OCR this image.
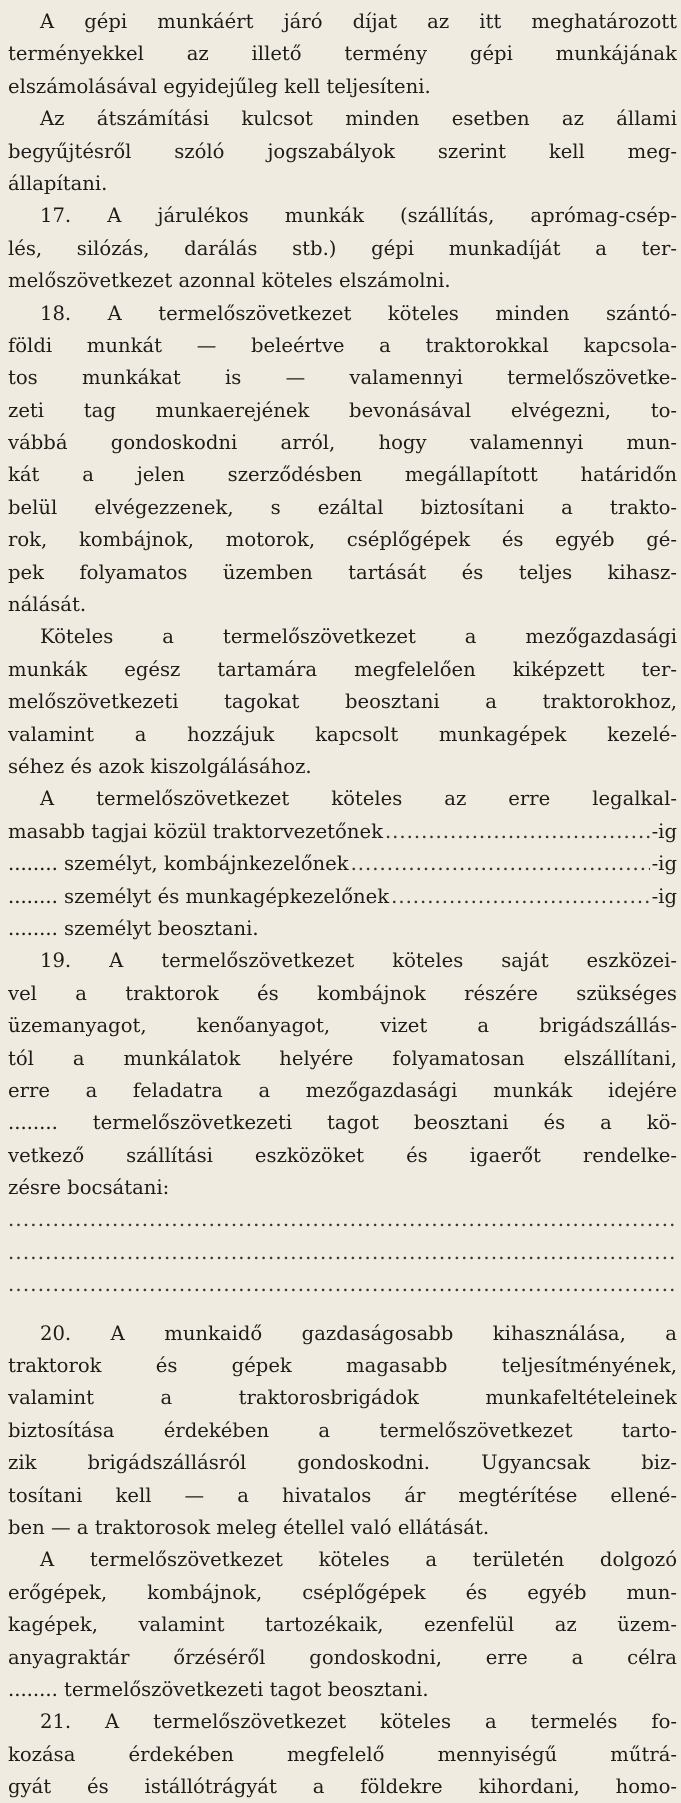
A gépi munkáért járó díjat az itt meghatározott
terményekkel az illető termény gépi munkájának
elszámolásával egyidejűleg kell teljesíteni.
Az átszámítási kulcsot minden esetben az állami
begyűjtésről szóló jogszabályok szerint kell meg-
állapítani.
17. A járulékos munkák (szállítás, aprómag-csép-
lés, silózás, darálás stb.) gépi munkadíját a ter-
melőszövetkezet azonnal köteles elszámolni.
18. A termelőszövetkezet köteles minden szántó-
földi munkát — beleértve a traktorokkal kapcsola-
tos munkákat is — valamennyi termelőszövetke-
zeti tag munkaerejének bevonásával elvégezni, to-
vábbá gondoskodni arról, hogy valamennyi mun-
kát a jelen szerződésben megállapított határidőn
belül elvégezzenek, s ezáltal biztosítani a trakto-
rok, kombájnok, motorok, cséplőgépek és egyéb gé-
pek folyamatos üzemben tartását és teljes kihasz-
nálását.
Köteles a termelőszövetkezet a mezőgazdasági
munkák egész tartamára megfelelően kiképzett ter-
melőszövetkezeti tagokat beosztani a traktorokhoz,
valamint a hozzájuk kapcsolt munkagépek kezelé-
séhez és azok kiszolgálásához.
A termelőszövetkezet köteles az erre legalkal-
masabb tagjai közül traktorvezetőnek .....	-ig
........ személyt, kombájnkezelőnek .....	-ig
........ személyt és munkagépkezelőnek .....	-ig
........ személyt beosztani.
19. A termelőszövetkezet köteles saját eszközei-
vel a traktorok és kombájnok részére szükséges
üzemanyagot, kenőanyagot, vizet a brigádszállás-
tól a munkálatok helyére folyamatosan elszállítani,
erre a feladatra a mezőgazdasági munkák idejére
........ termelőszövetkezeti tagot beosztani és a kö-
vetkező szállítási eszközöket és igaerőt rendelke-
zésre bocsátani:
.....
.....
.....
20. A munkaidő gazdaságosabb kihasználása, a
traktorok és gépek magasabb teljesítményének,
valamint a traktorosbrigádok munkafeltételeinek
biztosítása érdekében a termelőszövetkezet tarto-
zik brigádszállásról gondoskodni. Ugyancsak biz-
tosítani kell — a hivatalos ár megtérítése ellené-
ben — a traktorosok meleg étellel való ellátását.
A termelőszövetkezet köteles a területén dolgozó
erőgépek, kombájnok, cséplőgépek és egyéb mun-
kagépek, valamint tartozékaik, ezenfelül az üzem-
anyagraktár őrzéséről gondoskodni, erre a célra
........ termelőszövetkezeti tagot beosztani.
21. A termelőszövetkezet köteles a termelés fo-
kozása érdekében megfelelő mennyiségű műtrá-
gyát és istállótrágyát a földekre kihordani, homo-
